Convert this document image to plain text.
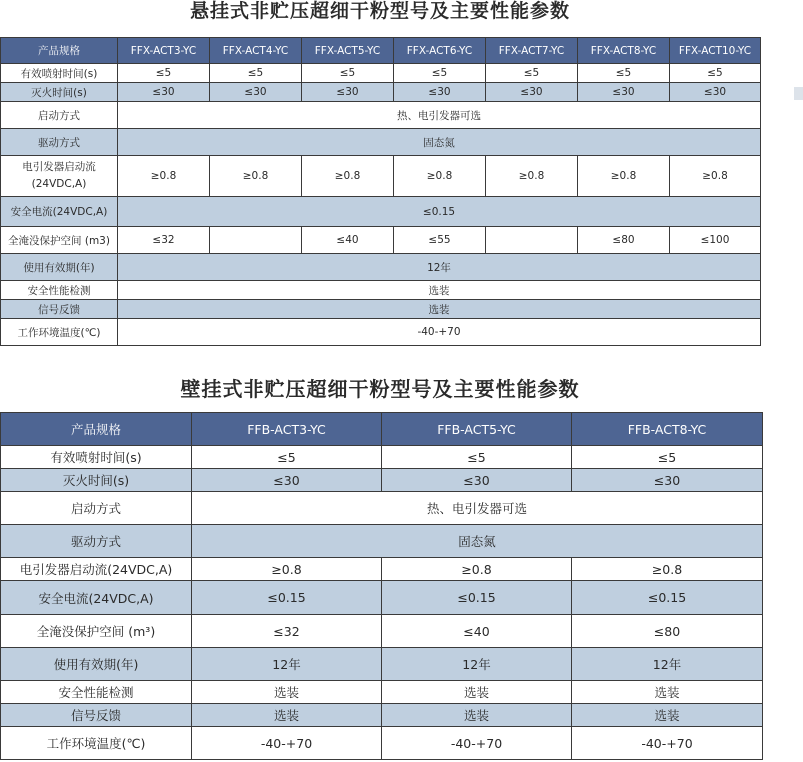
悬挂式非贮压超细干粉型号及主要性能参数
产品规格	FFX-ACT3-YC	FFX-ACT4-YC	FFX-ACT5-YC	FFX-ACT6-YC	FFX-ACT7-YC	FFX-ACT8-YC	FFX-ACT10-YC
有效喷射时间(s)	≤5	≤5	≤5	≤5	≤5	≤5	≤5
灭火时间(s)	≤30	≤30	≤30	≤30	≤30	≤30	≤30
启动方式	热、电引发器可选						
驱动方式	固态氮						
电引发器启动流(24VDC,A)	≥0.8	≥0.8	≥0.8	≥0.8	≥0.8	≥0.8	≥0.8
安全电流(24VDC,A)	≤0.15						
全淹没保护空间 (m3)	≤32		≤40	≤55		≤80	≤100
使用有效期(年)	12年						
安全性能检测	选装						
信号反馈	选装						
工作环境温度(℃)	-40-+70						
壁挂式非贮压超细干粉型号及主要性能参数
产品规格	FFB-ACT3-YC	FFB-ACT5-YC	FFB-ACT8-YC
有效喷射时间(s)	≤5	≤5	≤5
灭火时间(s)	≤30	≤30	≤30
启动方式	热、电引发器可选		
驱动方式	固态氮		
电引发器启动流(24VDC,A)	≥0.8	≥0.8	≥0.8
安全电流(24VDC,A)	≤0.15	≤0.15	≤0.15
全淹没保护空间 (m³)	≤32	≤40	≤80
使用有效期(年)	12年	12年	12年
安全性能检测	选装	选装	选装
信号反馈	选装	选装	选装
工作环境温度(℃)	-40-+70	-40-+70	-40-+70
